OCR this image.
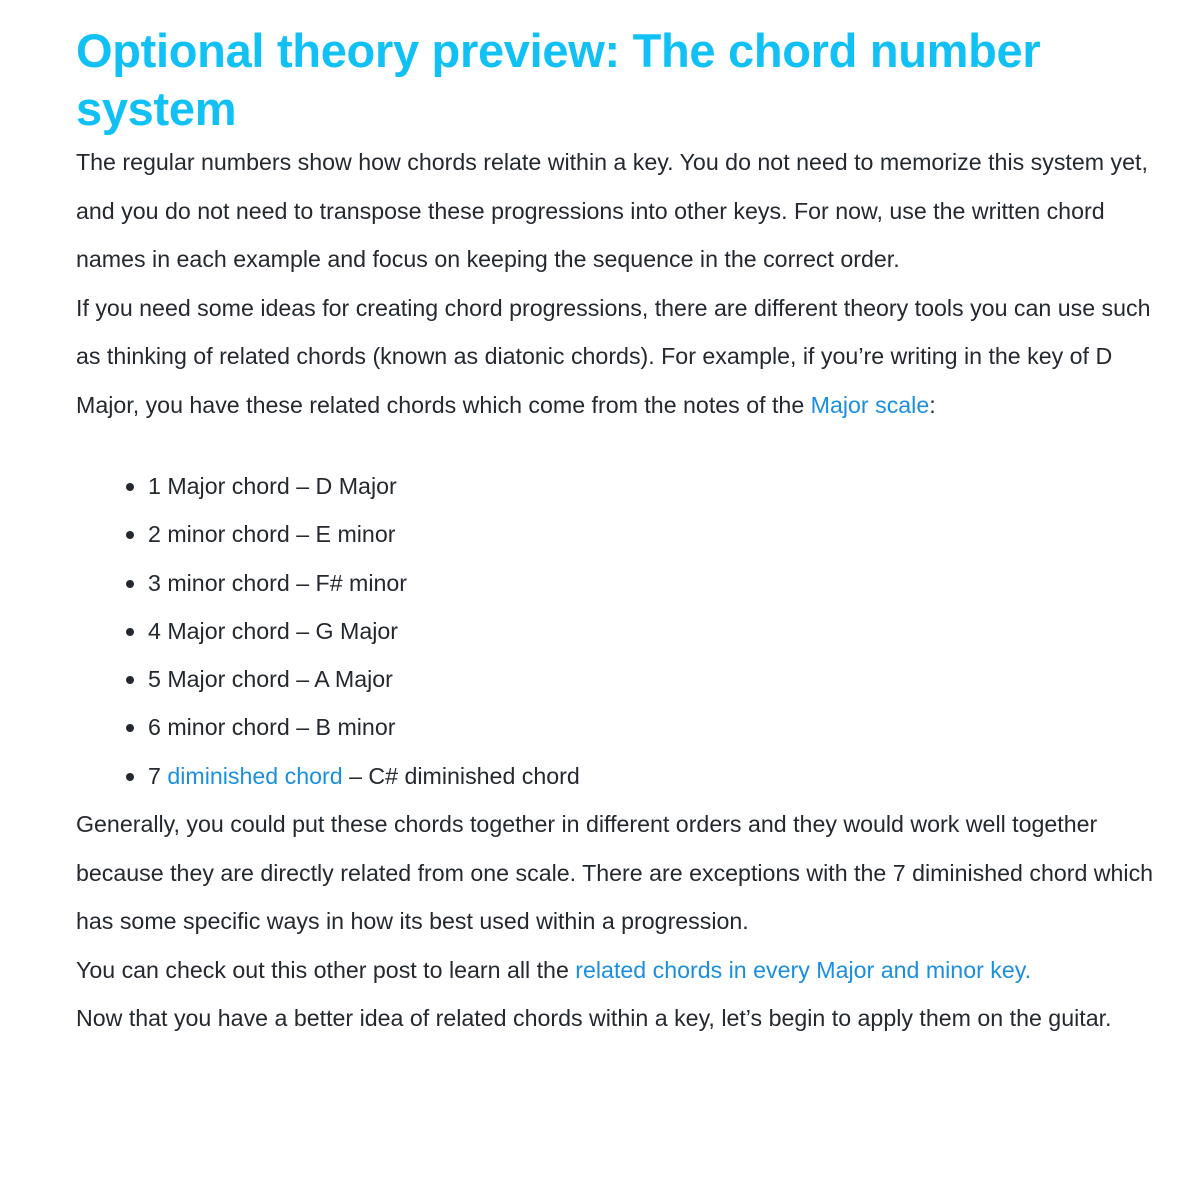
Optional theory preview: The chord number system

The regular numbers show how chords relate within a key. You do not need to memorize this system yet, and you do not need to transpose these progressions into other keys. For now, use the written chord names in each example and focus on keeping the sequence in the correct order.

If you need some ideas for creating chord progressions, there are different theory tools you can use such as thinking of related chords (known as diatonic chords). For example, if you’re writing in the key of D Major, you have these related chords which come from the notes of the Major scale:

1 Major chord – D Major
2 minor chord – E minor
3 minor chord – F# minor
4 Major chord – G Major
5 Major chord – A Major
6 minor chord – B minor
7 diminished chord – C# diminished chord

Generally, you could put these chords together in different orders and they would work well together because they are directly related from one scale. There are exceptions with the 7 diminished chord which has some specific ways in how its best used within a progression.

You can check out this other post to learn all the related chords in every Major and minor key.

Now that you have a better idea of related chords within a key, let’s begin to apply them on the guitar.
